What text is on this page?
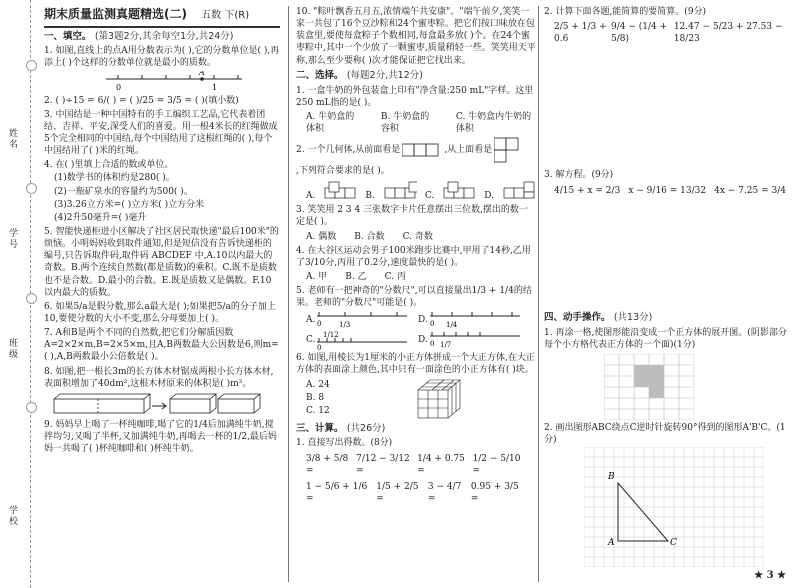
姓名
学号
班级
学校
期末质量监测真题精选(二) 五数 下(R)
一、填空。 (第3题2分,其余每空1分,共24分)

1. 如图,直线上的点A用分数表示为( ),它的分数单位是( ),再添上( )个这样的分数单位就是最小的质数。

0
A
1

2. ( )÷15 = 6/( ) = ( )/25 = 3/5 = ( )(填小数)

3. 中国结是一种中国特有的手工编织工艺品,它代表着团结、吉祥、平安,深受人们的喜爱。用一根4米长的红绳做成5个完全相同的中国结,每个中国结用了这根红绳的( ),每个中国结用了( )米的红绳。

4. 在( )里填上合适的数或单位。

(1)数学书的体积约是280( )。
(2)一瓶矿泉水的容量约为500( )。
(3)3.26立方米=( )立方米( )立方分米
(4)2升50毫升=( )毫升

5. 智能快递柜进小区解决了社区居民取快递"最后100米"的烦恼。小明妈妈收到取件通知,但是短信没有告诉快递柜的编号,只告诉取件码,取件码 ABCDEF 中,A.10以内最大的奇数。B.两个连续自然数(都是质数)的乘积。C.既不是质数也不是合数。D.最小的合数。E.既是质数又是偶数。F.10以内最大的质数。

6. 如果5/a是假分数,那么a最大是( );如果把5/a的分子加上10,要使分数的大小不变,那么分母要加上( )。

7. A和B是两个不同的自然数,把它们分解质因数A=2×2×m,B=2×5×m,且A,B两数最大公因数是6,则m=( ),A,B两数最小公倍数是( )。

8. 如图,把一根长3m的长方体木材锯成两根小长方体木材,表面积增加了40dm²,这根木材原来的体积是( )m³。

9. 妈妈早上喝了一杯纯咖啡,喝了它的1/4后加满纯牛奶,搅拌均匀,又喝了半杯,又加满纯牛奶,再喝去一杯的1/2,最后妈妈一共喝了( )杯纯咖啡和( )杯纯牛奶。

10. "粽叶飘香五月五,浓情端午共安康"。"端午前夕,笑笑一家一共包了16个豆沙粽和24个蜜枣粽。把它们按口味放在包装盒里,要使每盒粽子个数相同,每盒最多放( )个。在24个蜜枣粽中,其中一个少放了一颗蜜枣,质量稍轻一些。笑笑用天平称,那么至少要称( )次才能保证把它找出来。

二、选择。 (每题2分,共12分)

1. 一盒牛奶的外包装盒上印有"净含量:250 mL"字样。这里250 mL指的是( )。

A. 牛奶盒的体积
B. 牛奶盒的容积
C. 牛奶盒内牛奶的体积

2. 一个几何体,从前面看是	,从上面看是
,下列符合要求的是( )。

A.	B.	C.	D.

3. 笑笑用 2 3 4 三张数字卡片任意摆出三位数,摆出的数一定是( )。

A. 偶数 B. 合数 C. 奇数

4. 在大谷区运动会男子100米跑步比赛中,甲用了14秒,乙用了3/10分,丙用了0.2分,速度最快的是( )。

A. 甲 B. 乙 C. 丙

5. 老师有一把神奇的"分数尺",可以直接量出1/3 + 1/4的结果。老师的"分数尺"可能是( )。

A. 0	1/3
D. 0 1/4
C.
0
1/12	D. 0 1/7

6. 如图,用棱长为1厘米的小正方体拼成一个大正方体,在大正方体的表面涂上颜色,其中只有一面涂色的小正方体有( )块。

A. 24
B. 8
C. 12
三、计算。 (共26分)

1. 直接写出得数。(8分)

3/8 + 5/8 =
7/12 − 3/12 =
1/4 + 0.75 =
1/2 − 5/10 =
1 − 5/6 + 1/6 =
1/5 + 2/5 =
3 − 4/7 =
0.95 + 3/5 =

2. 计算下面各题,能简算的要简算。(9分)

2/5 + 1/3 + 0.6
9/4 − (1/4 + 5/8)
12.47 − 5/23 + 27.53 − 18/23

3. 解方程。(9分)

4/15 + x = 2/3 x − 9/16 = 13/32 4x − 7.25 = 3/4
四、动手操作。 (共13分)

1. 再涂一格,使图形能沿变成一个正方体的展开图。(阴影部分每个小方格代表正方体的一个面)(1分)

2. 画出图形ABC绕点C逆时针旋转90°得到的图形A'B'C。(1分)

B
A	C
★ 3 ★
